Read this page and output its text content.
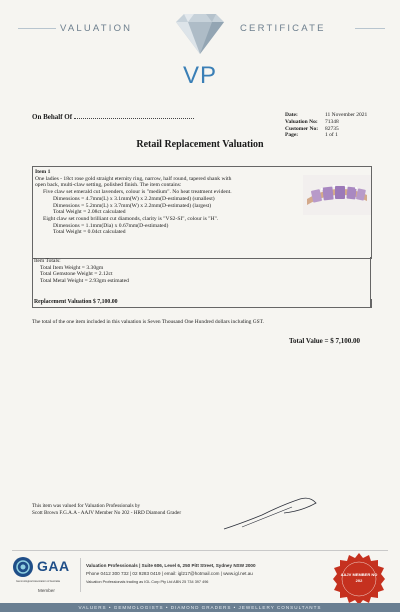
VALUATION
VP
CERTIFICATE
On Behalf Of	Date:	11 November 2021
Valuation No:	71348
Customer No:	82735
Page:	1 of 1
Retail Replacement Valuation
Item 1
One ladies - 18ct rose gold straight eternity ring, narrow, half round, tapered shank with
open back, multi-claw setting, polished finish. The item contains:
Five claw set emerald cut lavenders, colour is "medium". No heat treatment evident.
Dimensions = 4.7mm(L) x 3.1mm(W) x 2.2mm(D-estimated) (smallest)
Dimensions = 5.2mm(L) x 3.7mm(W) x 2.2mm(D-estimated) (largest)
Total Weight = 2.08ct calculated
Eight claw set round brilliant cut diamonds, clarity is "VS2-SI", colour is "H".
Dimensions = 1.1mm(Dia) x 0.67mm(D-estimated)
Total Weight = 0.04ct calculated
Item Totals:
Total Item Weight = 3.30gm
Total Gemstone Weight = 2.12ct
Total Metal Weight = 2.93gm estimated
Replacement Valuation $ 7,100.00
The total of the one item included in this valuation is Seven Thousand One Hundred dollars including GST.
Total Value = $ 7,100.00
This item was valued for Valuation Professionals by
Scott Brown F.G.A.A - AAJV Member No 202 - HRD Diamond Grader
GAA
Gemmological Association of Australia
Member
Valuation Professionals | Suite 606, Level 6, 250 Pitt Street, Sydney NSW 2000
Phone 0412 300 732 | 02 9283 0419 | email: igl217@hotmail.com | www.igl.net.au
Valuation Professionals trading as IGL Corp Pty Ltd ABN 25 734 397 496
AAJV MEMBER NO
202
VALUERS • GEMMOLOGISTS • DIAMOND GRADERS • JEWELLERY CONSULTANTS
